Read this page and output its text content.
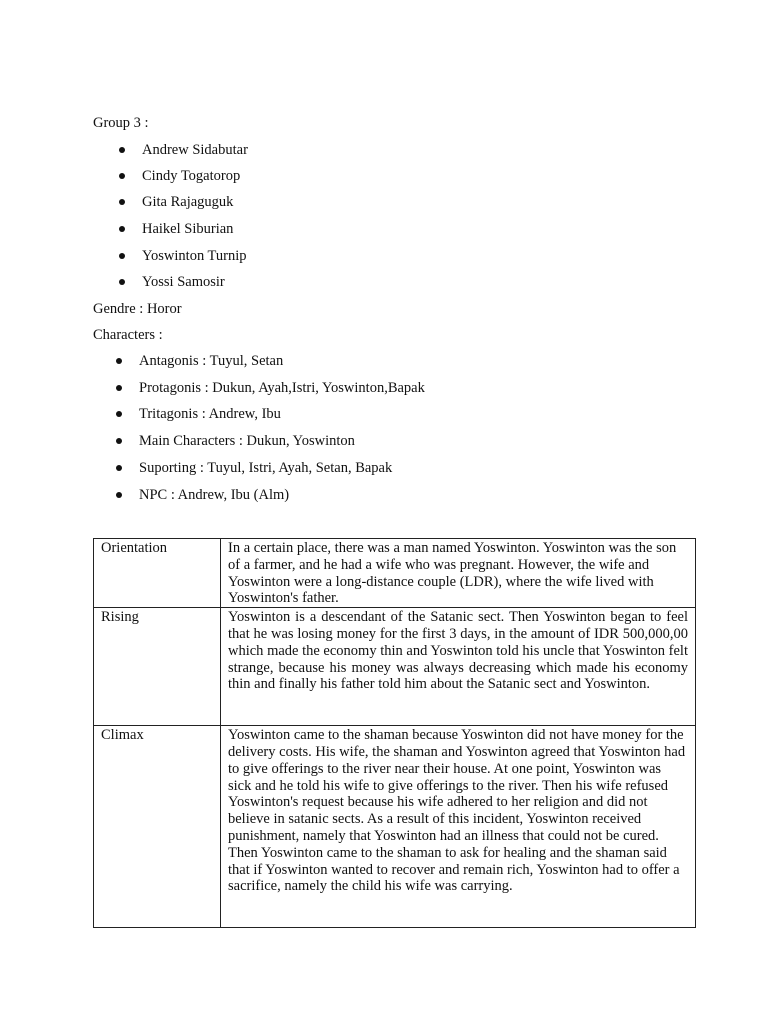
Group 3 :
Andrew Sidabutar
Cindy Togatorop
Gita Rajaguguk
Haikel Siburian
Yoswinton Turnip
Yossi Samosir
Gendre : Horor
Characters :
Antagonis : Tuyul, Setan
Protagonis : Dukun, Ayah,Istri, Yoswinton,Bapak
Tritagonis : Andrew, Ibu
Main Characters : Dukun, Yoswinton
Suporting : Tuyul, Istri, Ayah, Setan, Bapak
NPC : Andrew, Ibu (Alm)
Orientation	In a certain place, there was a man named Yoswinton. Yoswinton was the son of a farmer, and he had a wife who was pregnant. However, the wife and Yoswinton were a long-distance couple (LDR), where the wife lived with Yoswinton's father.
Rising	Yoswinton is a descendant of the Satanic sect. Then Yoswinton began to feel that he was losing money for the first 3 days, in the amount of IDR 500,000,00 which made the economy thin and Yoswinton told his uncle that Yoswinton felt strange, because his money was always decreasing which made his economy thin and finally his father told him about the Satanic sect and Yoswinton.
Climax	Yoswinton came to the shaman because Yoswinton did not have money for the delivery costs. His wife, the shaman and Yoswinton agreed that Yoswinton had to give offerings to the river near their house. At one point, Yoswinton was sick and he told his wife to give offerings to the river. Then his wife refused Yoswinton's request because his wife adhered to her religion and did not believe in satanic sects. As a result of this incident, Yoswinton received punishment, namely that Yoswinton had an illness that could not be cured. Then Yoswinton came to the shaman to ask for healing and the shaman said that if Yoswinton wanted to recover and remain rich, Yoswinton had to offer a sacrifice, namely the child his wife was carrying.
